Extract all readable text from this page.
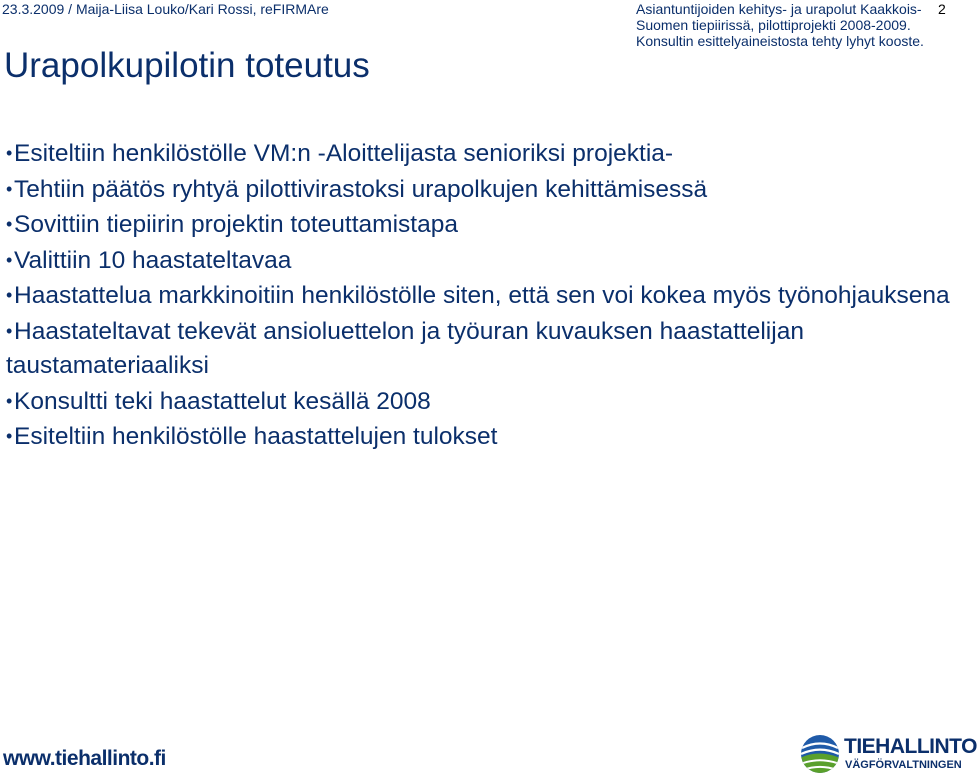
23.3.2009 / Maija-Liisa Louko/Kari Rossi, reFIRMAre	Asiantuntijoiden kehitys- ja urapolut Kaakkois-
Suomen tiepiirissä, pilottiprojekti 2008-2009.
Konsultin esittelyaineistosta tehty lyhyt kooste.
2
Urapolkupilotin toteutus
•Esiteltiin henkilöstölle VM:n -Aloittelijasta senioriksi projektia-
•Tehtiin päätös ryhtyä pilottivirastoksi urapolkujen kehittämisessä
•Sovittiin tiepiirin projektin toteuttamistapa
•Valittiin 10 haastateltavaa
•Haastattelua markkinoitiin henkilöstölle siten, että sen voi kokea myös työnohjauksena
•Haastateltavat tekevät ansioluettelon ja työuran kuvauksen haastattelijan taustamateriaaliksi
•Konsultti teki haastattelut kesällä 2008
•Esiteltiin henkilöstölle haastattelujen tulokset
www.tiehallinto.fi
TIEHALLINTO
VÄGFÖRVALTNINGEN
